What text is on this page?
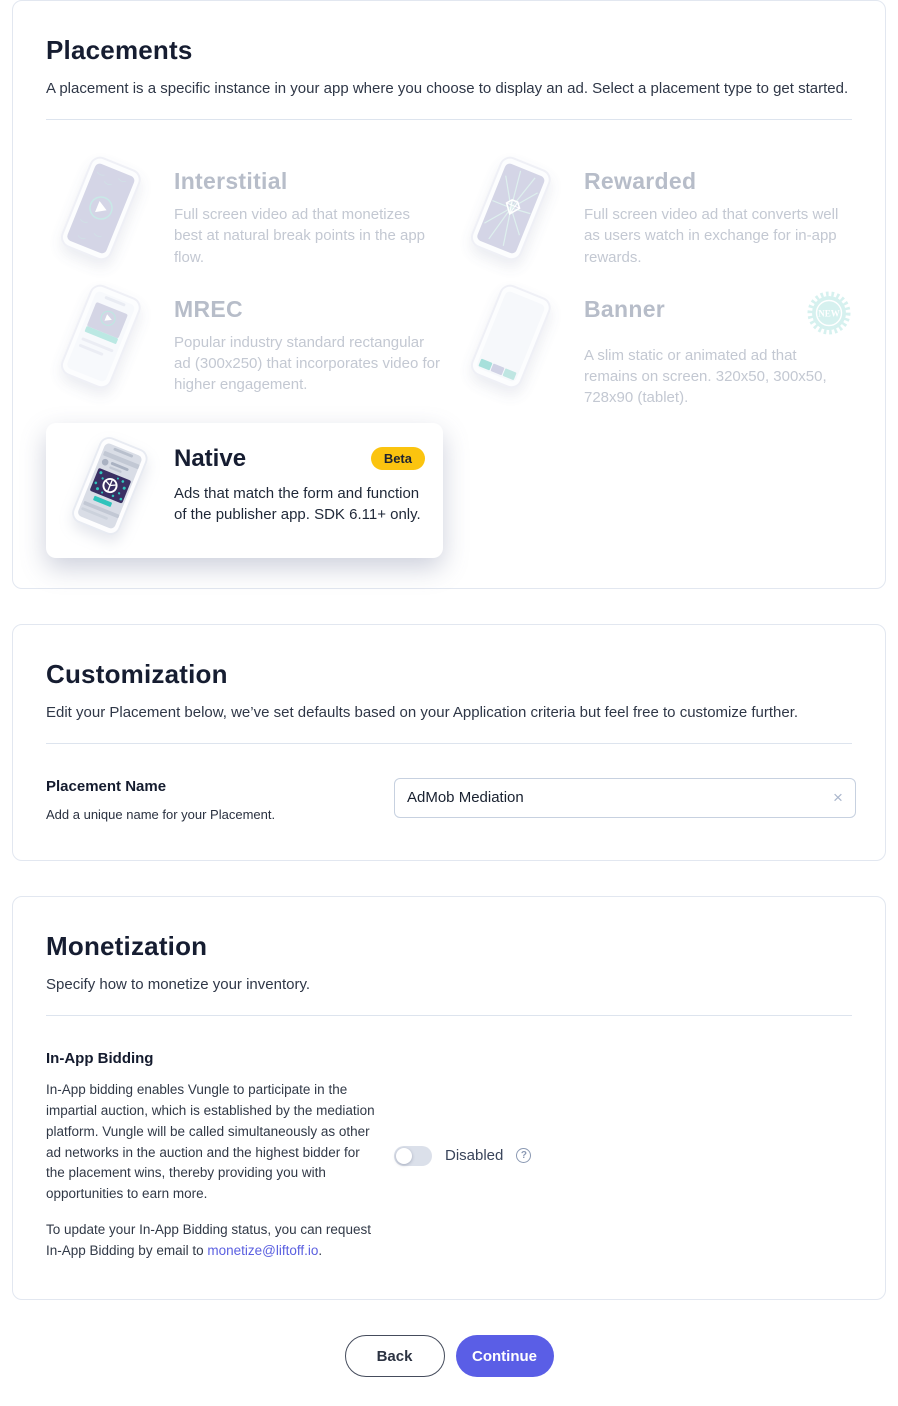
Placements

A placement is a specific instance in your app where you choose to display an ad. Select a placement type to get started.

Interstitial

Full screen video ad that monetizes best at natural break points in the app flow.

Rewarded

Full screen video ad that converts well as users watch in exchange for in-app rewards.

MREC

Popular industry standard rectangular ad (300x250) that incorporates video for higher engagement.

Banner	NEW

A slim static or animated ad that remains on screen. 320x50, 300x50, 728x90 (tablet).

Native	Beta

Ads that match the form and function of the publisher app. SDK 6.11+ only.

Customization

Edit your Placement below, we’ve set defaults based on your Application criteria but feel free to customize further.

Placement Name
Add a unique name for your Placement.
AdMob Mediation
×
Monetization

Specify how to monetize your inventory.

In-App Bidding

In-App bidding enables Vungle to participate in the impartial auction, which is established by the mediation platform. Vungle will be called simultaneously as other ad networks in the auction and the highest bidder for the placement wins, thereby providing you with opportunities to earn more.

To update your In-App Bidding status, you can request In-App Bidding by email to monetize@liftoff.io.

Disabled	?
Back	Continue
